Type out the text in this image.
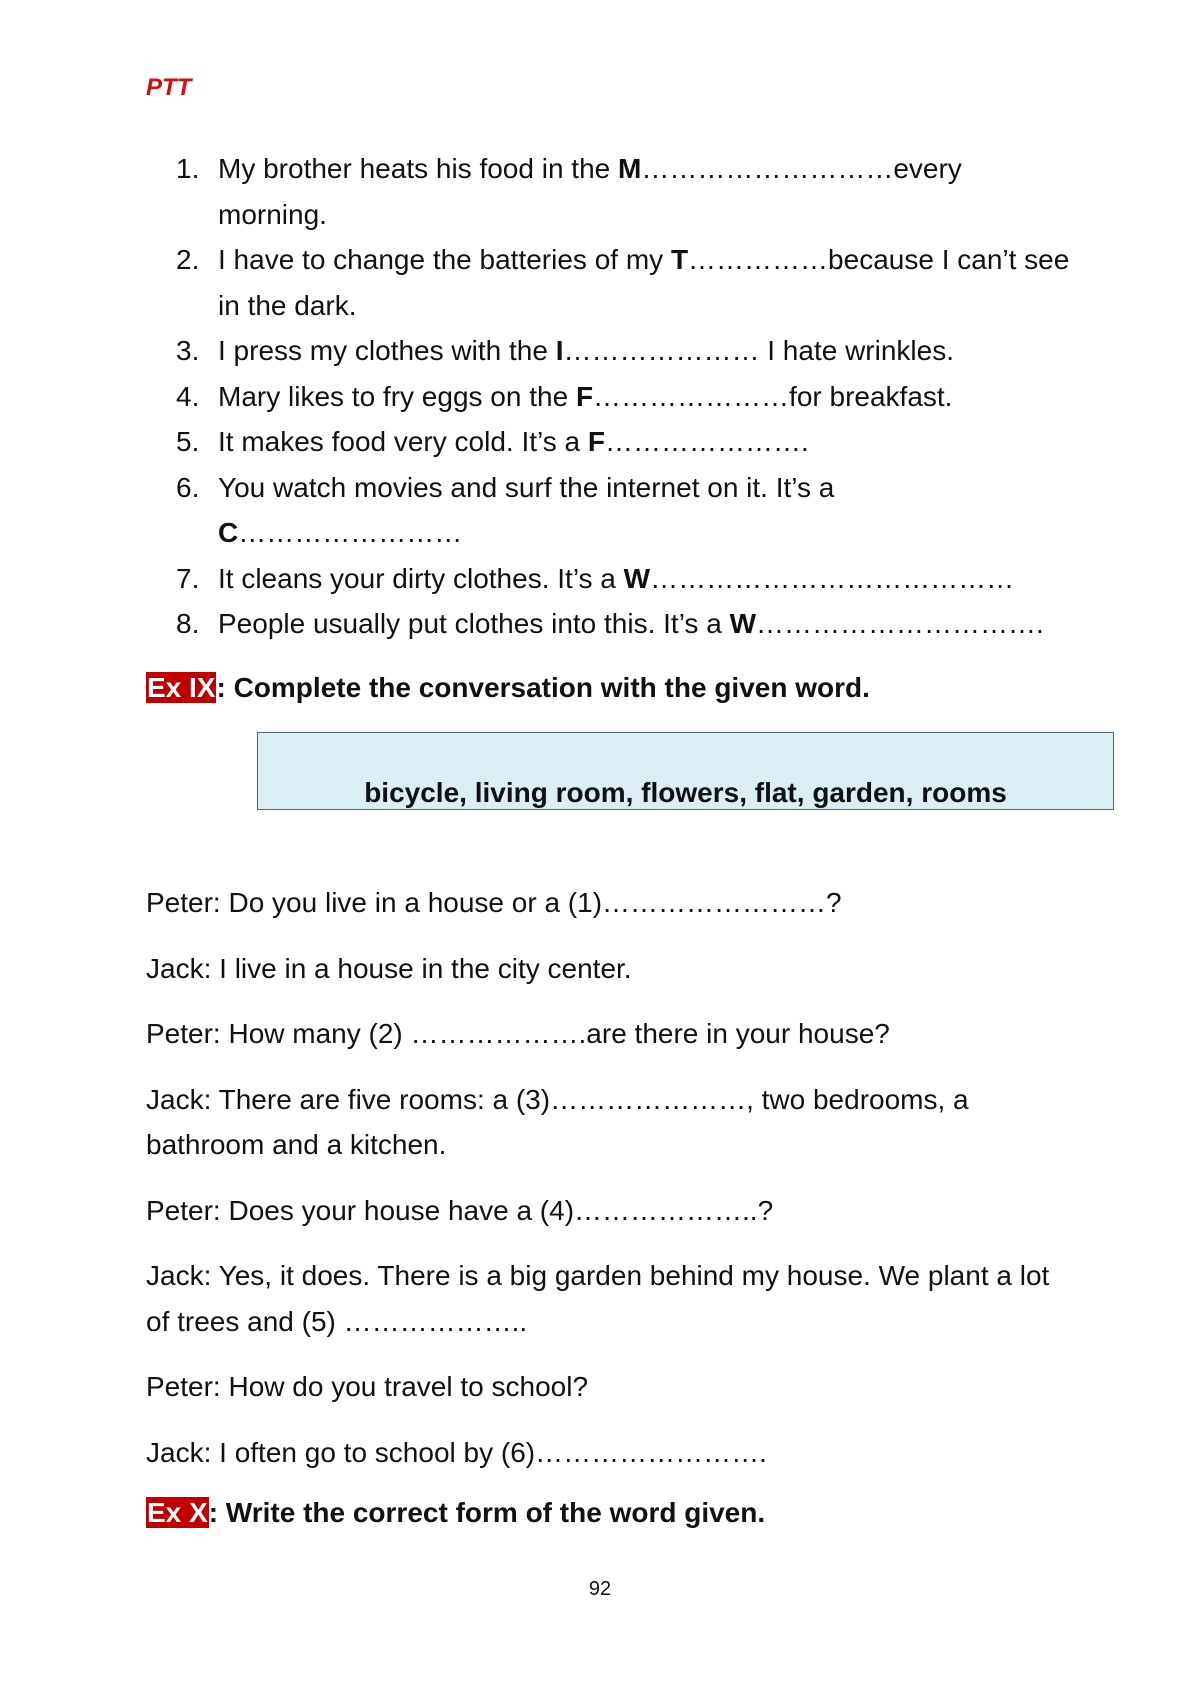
PTT
1. My brother heats his food in the M………………………every morning.
2. I have to change the batteries of my T……………because I can’t see in the dark.
3. I press my clothes with the I………………… I hate wrinkles.
4. Mary likes to fry eggs on the F…………………for breakfast.
5. It makes food very cold. It’s a F………………….
6. You watch movies and surf the internet on it. It’s a C……………………
7. It cleans your dirty clothes. It’s a W…………………………………
8. People usually put clothes into this. It’s a W………………………….
Ex IX: Complete the conversation with the given word.
bicycle, living room, flowers, flat, garden, rooms

Peter: Do you live in a house or a (1)……………………?

Jack: I live in a house in the city center.

Peter: How many (2) ……………….are there in your house?

Jack: There are five rooms: a (3)…………………, two bedrooms, a bathroom and a kitchen.

Peter: Does your house have a (4)………………..?

Jack: Yes, it does. There is a big garden behind my house. We plant a lot of trees and (5) ………………..

Peter: How do you travel to school?

Jack: I often go to school by (6)…………………….

Ex X: Write the correct form of the word given.
92
